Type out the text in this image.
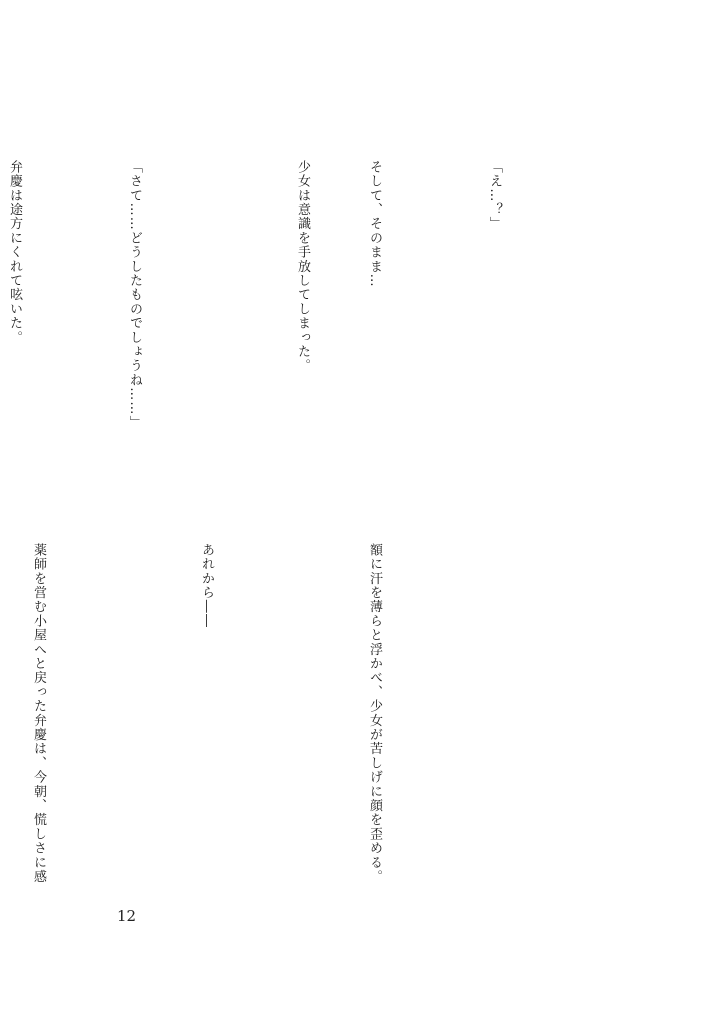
「え…？」

そして、そのまま…

少女は意識を手放してしまった。

「さて……どうしたものでしょうね……」

弁慶は途方にくれて呟いた。

額に汗を薄らと浮かべ、少女が苦しげに顔を歪める。

あれから――

薬師を営む小屋へと戻った弁慶は、今朝、慌しさに感

12
